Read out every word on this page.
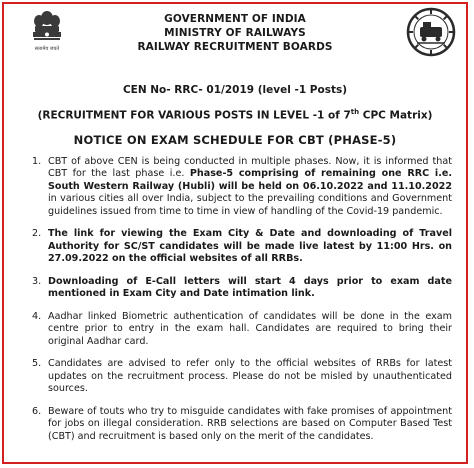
सत्यमेव जयते
GOVERNMENT OF INDIA
MINISTRY OF RAILWAYS
RAILWAY RECRUITMENT BOARDS
CEN No- RRC- 01/2019 (level -1 Posts)
(RECRUITMENT FOR VARIOUS POSTS IN LEVEL -1 of 7th CPC Matrix)
NOTICE ON EXAM SCHEDULE FOR CBT (PHASE-5)
1. CBT of above CEN is being conducted in multiple phases. Now, it is informed that CBT for the last phase i.e. Phase-5 comprising of remaining one RRC i.e. South Western Railway (Hubli) will be held on 06.10.2022 and 11.10.2022 in various cities all over India, subject to the prevailing conditions and Government guidelines issued from time to time in view of handling of the Covid-19 pandemic.
2. The link for viewing the Exam City & Date and downloading of Travel Authority for SC/ST candidates will be made live latest by 11:00 Hrs. on 27.09.2022 on the official websites of all RRBs.
3. Downloading of E-Call letters will start 4 days prior to exam date mentioned in Exam City and Date intimation link.
4. Aadhar linked Biometric authentication of candidates will be done in the exam centre prior to entry in the exam hall. Candidates are required to bring their original Aadhar card.
5. Candidates are advised to refer only to the official websites of RRBs for latest updates on the recruitment process. Please do not be misled by unauthenticated sources.
6. Beware of touts who try to misguide candidates with fake promises of appointment for jobs on illegal consideration. RRB selections are based on Computer Based Test (CBT) and recruitment is based only on the merit of the candidates.
